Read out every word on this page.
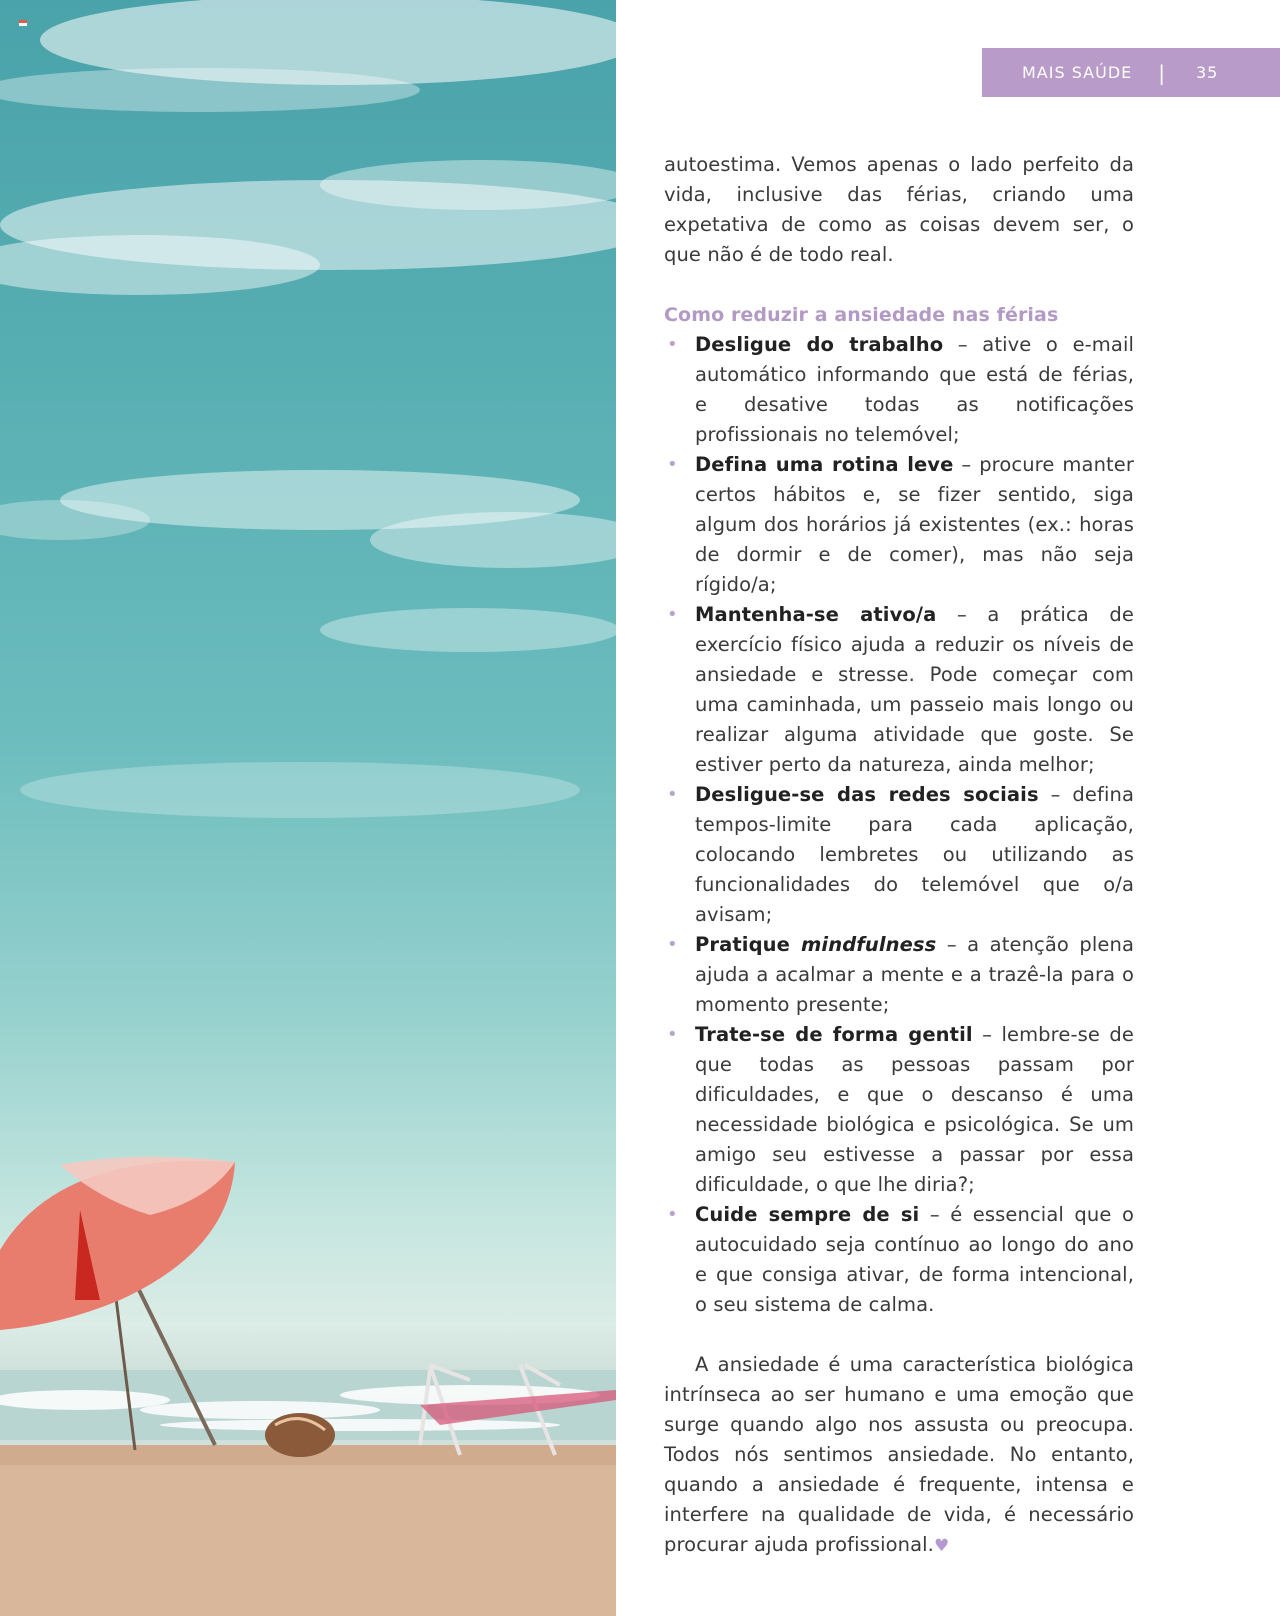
MAIS SAÚDE | 35

autoestima. Vemos apenas o lado perfeito da vida, inclusive das férias, criando uma expetativa de como as coisas devem ser, o que não é de todo real.

Como reduzir a ansiedade nas férias

• Desligue do trabalho – ative o e-mail automático informando que está de férias, e desative todas as notificações profissionais no telemóvel;
• Defina uma rotina leve – procure manter certos hábitos e, se fizer sentido, siga algum dos horários já existentes (ex.: horas de dormir e de comer), mas não seja rígido/a;
• Mantenha-se ativo/a – a prática de exercício físico ajuda a reduzir os níveis de ansiedade e stresse. Pode começar com uma caminhada, um passeio mais longo ou realizar alguma atividade que goste. Se estiver perto da natureza, ainda melhor;
• Desligue-se das redes sociais – defina tempos-limite para cada aplicação, colocando lembretes ou utilizando as funcionalidades do telemóvel que o/a avisam;
• Pratique mindfulness – a atenção plena ajuda a acalmar a mente e a trazê-la para o momento presente;
• Trate-se de forma gentil – lembre-se de que todas as pessoas passam por dificuldades, e que o descanso é uma necessidade biológica e psicológica. Se um amigo seu estivesse a passar por essa dificuldade, o que lhe diria?;
• Cuide sempre de si – é essencial que o autocuidado seja contínuo ao longo do ano e que consiga ativar, de forma intencional, o seu sistema de calma.

A ansiedade é uma característica biológica intrínseca ao ser humano e uma emoção que surge quando algo nos assusta ou preocupa. Todos nós sentimos ansiedade. No entanto, quando a ansiedade é frequente, intensa e interfere na qualidade de vida, é necessário procurar ajuda profissional.♥
